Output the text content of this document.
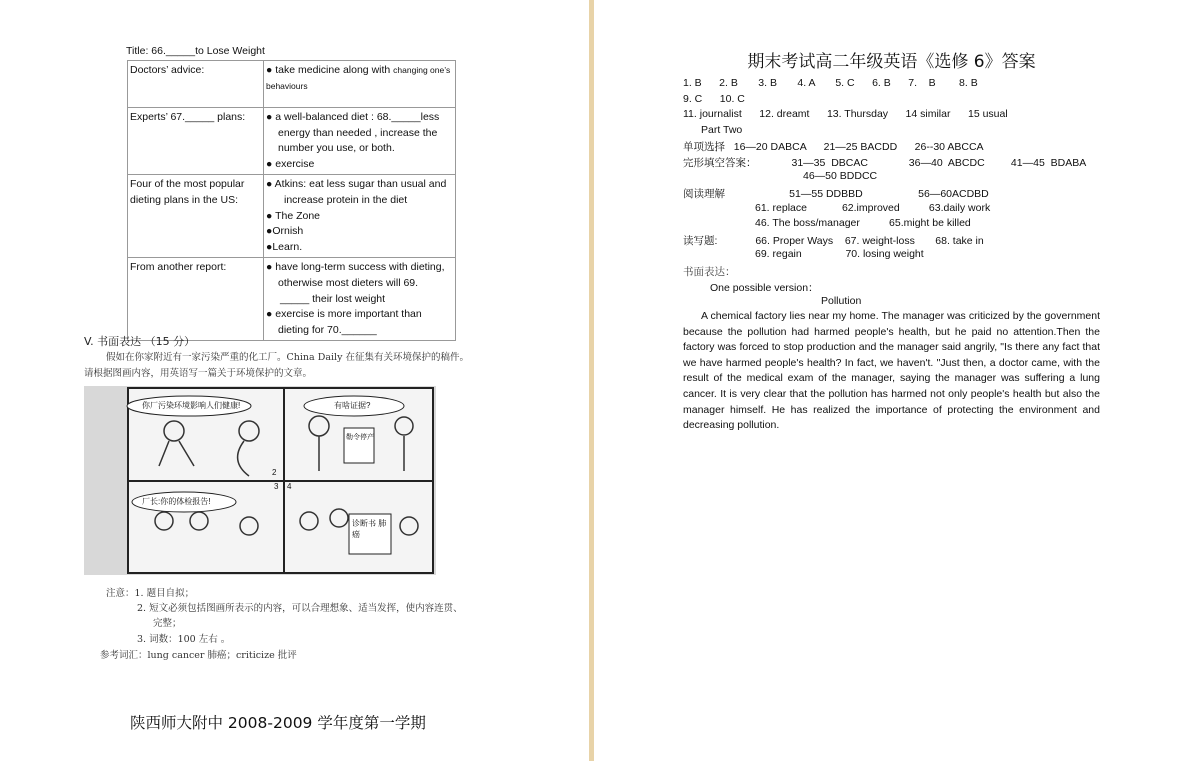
Title: 66._____to Lose Weight
Doctors’ advice:	● take medicine along with changing one’s behaviours
Experts’ 67._____ plans:	● a well-balanced diet : 68._____less
energy than needed , increase the
number you use, or both.
● exercise

Four of the most popular dieting plans in the US:	● Atkins: eat less sugar than usual and
increase protein in the diet
● The Zone
●Ornish
●Learn.

From another report:	● have long-term success with dieting,
otherwise most dieters will 69.
_____ their lost weight
● exercise is more important than
dieting for 70.______
V. 书面表达 （15 分）
假如在你家附近有一家污染严重的化工厂。China Daily 在征集有关环境保护的稿件。
请根据图画内容，用英语写一篇关于环境保护的文章。
你厂污染环境影响人们健康!	有啥证据?
勒令停产
厂长:你的体检报告!
诊断书 肺癌
2
3 4
注意：1. 题目自拟；
2. 短文必须包括图画所表示的内容，可以合理想象、适当发挥，使内容连贯、
完整；
3. 词数：100 左右 。
参考词汇：lung cancer 肺癌；criticize 批评
陕西师大附中 2008-2009 学年度第一学期
期末考试高二年级英语《选修 6》答案
1. B      2. B       3. B       4. A       5. C      6. B      7.    B        8. B
9. C      10. C
11. journalist      12. dreamt      13. Thursday      14 similar      15 usual
Part Two
单项选择   16—20 DABCA      21—25 BACDD      26--30 ABCCA
完形填空答案：            31—35  DBCAC              36—40  ABCDC         41—45  BDABA
46—50 BDDCC
阅读理解                      51—55 DDBBD                   56—60ACDBD
61. replace            62.improved          63.daily work
46. The boss/manager          65.might be killed
读写题:             66. Proper Ways    67. weight-loss       68. take in
69. regain               70. losing weight
书面表达：
One possible version：
Pollution
A chemical factory lies near my home. The manager was criticized by the government because the pollution had harmed people's health, but he paid no attention.Then the factory was forced to stop production and the manager said angrily, "Is there any fact that we have harmed people's health? In fact, we haven't. "Just then, a doctor came, with the result of the medical exam of the manager, saying the manager was suffering a lung cancer. It is very clear that the pollution has harmed not only people's health but also the manager himself. He has realized the importance of protecting the environment and decreasing pollution.
